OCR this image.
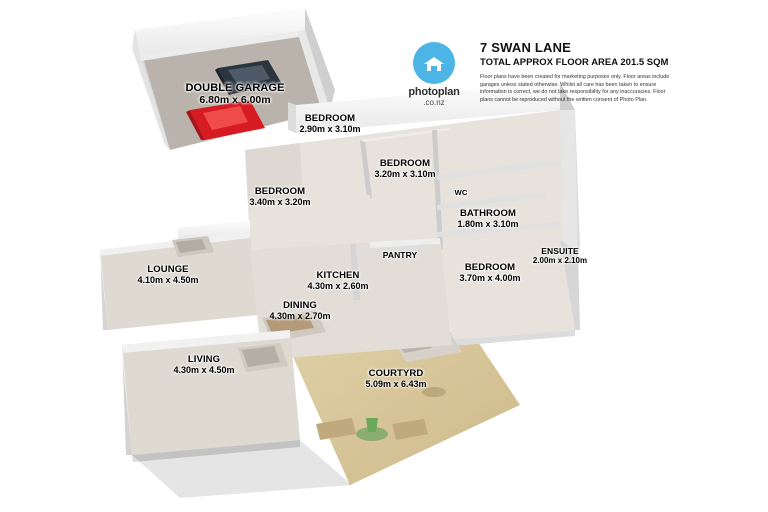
photoplan
.co.nz
7 SWAN LANE
TOTAL APPROX FLOOR AREA 201.5 SQM
Floor plans have been created for marketing purposes only. Floor areas include garages unless stated otherwise. Whilst all care has been taken to ensure information is correct, we do not take responsibility for any inaccuracies. Floor plans cannot be reproduced without the written consent of Photo Plan.
DOUBLE GARAGE
6.80m x 6.00m
BEDROOM
2.90m x 3.10m
BEDROOM
3.20m x 3.10m
BEDROOM
3.40m x 3.20m
WC
BATHROOM
1.80m x 3.10m
ENSUITE
2.00m x 2.10m
BEDROOM
3.70m x 4.00m
LOUNGE
4.10m x 4.50m
PANTRY
KITCHEN
4.30m x 2.60m
DINING
4.30m x 2.70m
LIVING
4.30m x 4.50m	COURTYRD
5.09m x 6.43m
